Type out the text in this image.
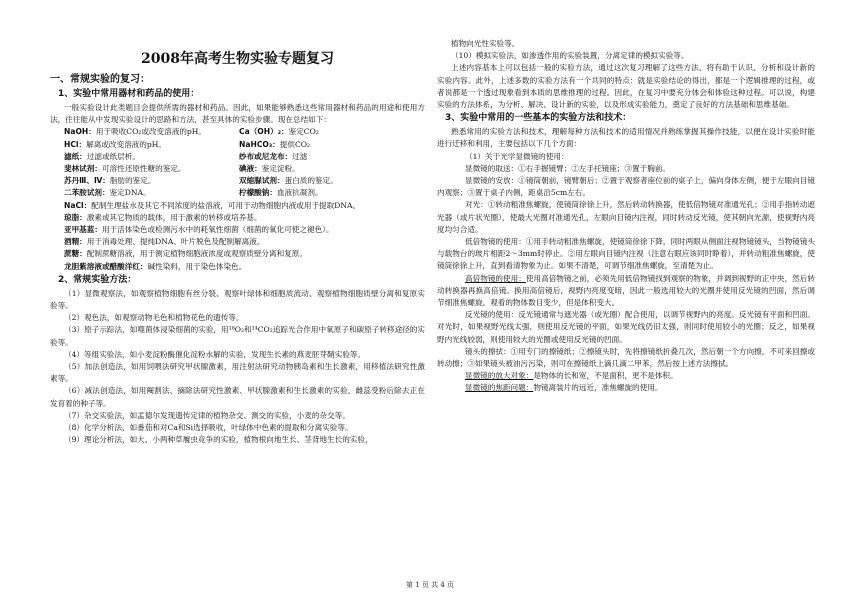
2008年高考生物实验专题复习
一、常规实验的复习：
1、实验中常用器材和药品的使用：

一般实验设计此类题目会提供所需的器材和药品。因此，如果能够熟悉这些常用器材和药品的用途和使用方法，往往能从中发现实验设计的思路和方法，甚至具体的实验步骤。现在总结如下：

NaOH：用于吸收CO₂或改变溶液的pH。	Ca（OH）₂：鉴定CO₂
HCl：解离或改变溶液的pH。	NaHCO₃：提供CO₂
滤纸：过滤或纸层析。	纱布或尼龙布：过滤
斐林试剂：可溶性还原性糖的鉴定。	碘液：鉴定淀粉。
苏丹Ⅲ、Ⅳ：脂肪的鉴定。	双缩脲试剂：蛋白质的鉴定。
二苯胺试剂：鉴定DNA。	柠檬酸钠：血液抗凝剂。

NaCl：配制生理盐水及其它不同浓度的盐溶液，可用于动物细胞内液或用于提取DNA。

琼脂：激素或其它物质的载体，用于激素的转移或培养基。

亚甲基蓝：用于活体染色或检测污水中的耗氧性细菌（细菌的氧化可使之褪色）。

酒精：用于消毒处理、提纯DNA、叶片脱色及配制解离液。

蔗糖：配制蔗糖溶液，用于测定植物细胞液浓度或观察质壁分离和复原。

龙胆紫溶液或醋酸洋红：碱性染料，用于染色体染色。

2、常规实验方法：

（1）显微观察法，如观察植物细胞有丝分裂、观察叶绿体和细胞质流动、观察植物细胞质壁分离和复原实验等。

（2）观色法，如观察动物毛色和植物花色的遗传等。

（3）原子示踪法，如噬菌体浸染细菌的实验，用¹⁸O₂和¹⁴CO₂追踪光合作用中氧原子和碳原子转移途径的实验等。

（4）等组实验法，如小麦淀粉酶催化淀粉水解的实验，发现生长素的燕麦胚芽鞘实验等。

（5）加法创造法，如用饲喂法研究甲状腺激素，用注射法研究动物胰岛素和生长激素，用移植法研究性激素等。

（6）减法创造法，如用阉割法、摘除法研究性激素、甲状腺激素和生长激素的实验，雌蕊受粉后除去正在发育着的种子等。

（7）杂交实验法，如孟德尔发现遗传定律的植物杂交、测交的实验，小麦的杂交等。

（8）化学分析法，如番茄和对Ca和Si选择吸收，叶绿体中色素的提取和分离实验等。

（9）理论分析法，如大、小两种草履虫竞争的实验，植物根向地生长、茎背地生长的实验，

植物向光性实验等。

（10）模拟实验法，如渗透作用的实验装置，分离定律的模拟实验等。

上述内容基本上可以包括一般的实验方法，通过这次复习理解了这些方法，将有助于认识、分析和设计新的实验内容。此外，上述多数的实验方法有一个共同的特点：就是实验结论的得出，都是一个逻辑推理的过程，或者说都是一个透过现象看到本质的思维推理的过程。因此，在复习中要充分体会和体验这种过程。可以说，构建实验的方法体系，为分析、解决、设计新的实验，以及形成实验能力，奠定了良好的方法基础和思维基础。

3、实验中常用的一些基本的实验方法和技术：

熟悉常用的实验方法和技术，理解每种方法和技术的适用情况并熟练掌握其操作技能，以便在设计实验时能进行迁移和利用，主要包括以下几个方面：

（1）关于光学显微镜的使用：

显微镜的取送：①右手握镜臂；②左手托镜座；③置于胸前。

显微镜的安放：①镜筒朝前，镜臂朝后；②置于观察者座位前的桌子上，偏向身体左侧，便于左眼向目镜内观察；③置于桌子内侧，距桌沿5cm左右。

对光：①转动粗准焦螺旋，使镜筒徐徐上升，然后转动转换器，使低倍物镜对准通光孔；②用手指转动遮光器（或片状光圈），使最大光圈对准通光孔，左眼向目镜内注视，同时转动反光镜，使其朝向光源，使视野内亮度均匀合适。

低倍物镜的使用：①用手转动粗准焦螺旋，使镜筒徐徐下降，同时两眼从侧面注视物镜镜头，当物镜镜头与载物台的玻片相距2～3mm时停止。②用左眼向目镜内注视（注意右眼应该同时睁着），并转动粗准焦螺旋，使镜筒徐徐上升，直到看清物象为止。如果不清楚，可调节细准焦螺旋，至清楚为止。

高倍物镜的使用：使用高倍物镜之前，必须先用低倍物镜找到观察的物象，并调到视野的正中央，然后转动转换器再换高倍镜。换用高倍镜后，视野内亮度变暗，因此一般选用较大的光圈并使用反光镜的凹面，然后调节细准焦螺旋。观看的物体数目变少，但是体积变大。

反光镜的使用：反光镜通常与遮光器（或光圈）配合使用，以调节视野内的亮度。反光镜有平面和凹面。对光时，如果视野光线太强，则使用反光镜的平面，如果光线仍旧太强，则同时使用较小的光圈；反之，如果视野内光线较弱，则使用较大的光圈或使用反光镜的凹面。

镜头的擦拭：①用专门的擦镜纸；②擦镜头时，先将擦镜纸折叠几次，然后朝一个方向擦，不可来回擦或转动擦；③如果镜头被油污污染，则可在擦镜纸上滴几滴二甲苯，然后按上述方法擦拭。

显微镜的放大对象：是物体的长和宽，不是面积，更不是体积。

显微镜的焦距问题：物镜离装片的远近，准焦螺旋的使用。

第 1 页 共 4 页
